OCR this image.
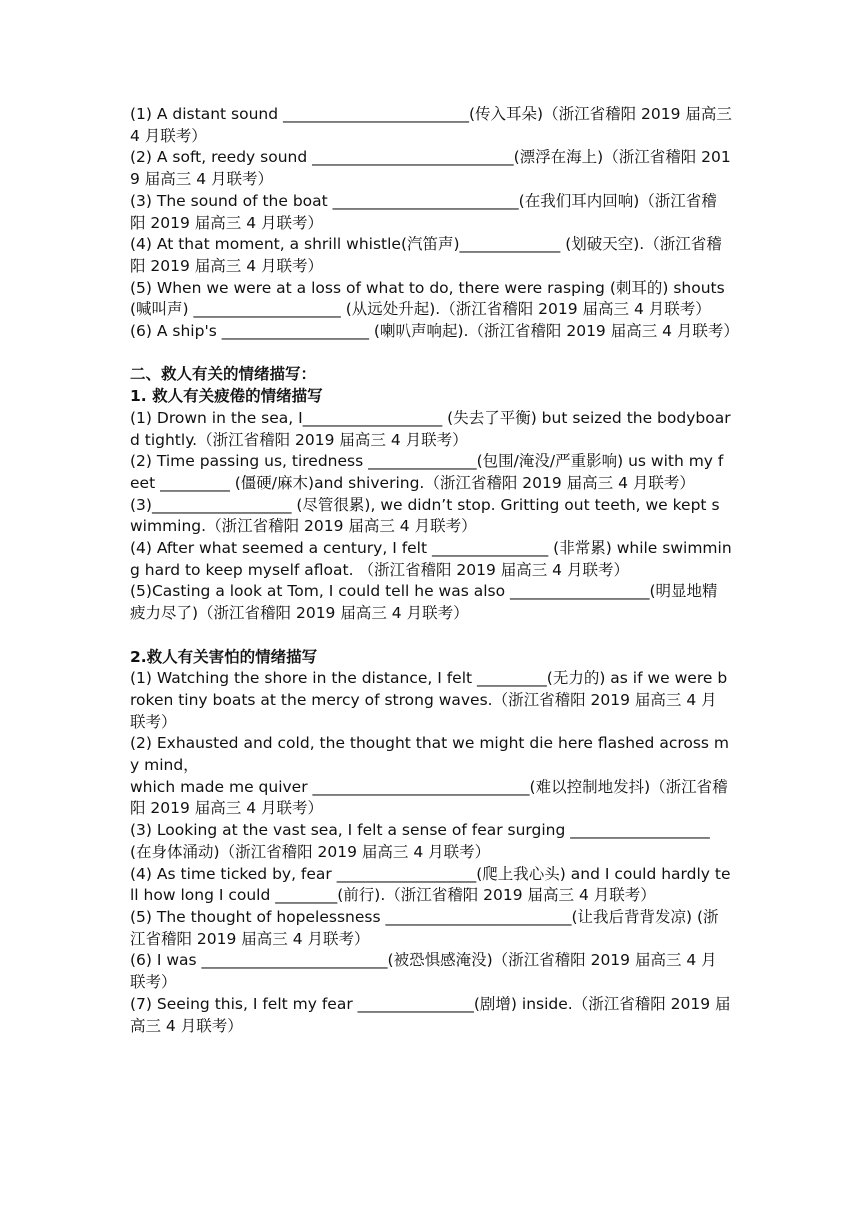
(1) A distant sound ________________________(传入耳朵)（浙江省稽阳 2019 届高三 4 月联考）

(2) A soft, reedy sound __________________________(漂浮在海上)（浙江省稽阳 2019 届高三 4 月联考）

(3) The sound of the boat ________________________(在我们耳内回响)（浙江省稽阳 2019 届高三 4 月联考）

(4) At that moment, a shrill whistle(汽笛声)_____________ (划破天空).（浙江省稽阳 2019 届高三 4 月联考）

(5) When we were at a loss of what to do, there were rasping (刺耳的) shouts(喊叫声) ___________________ (从远处升起).（浙江省稽阳 2019 届高三 4 月联考）

(6) A ship's ___________________ (喇叭声响起).（浙江省稽阳 2019 届高三 4 月联考）

二、救人有关的情绪描写：

1. 救人有关疲倦的情绪描写

(1) Drown in the sea, I__________________ (失去了平衡) but seized the bodyboard tightly.（浙江省稽阳 2019 届高三 4 月联考）

(2) Time passing us, tiredness ______________(包围/淹没/严重影响) us with my feet _________ (僵硬/麻木)and shivering.（浙江省稽阳 2019 届高三 4 月联考）

(3)__________________ (尽管很累), we didn’t stop. Gritting out teeth, we kept swimming.（浙江省稽阳 2019 届高三 4 月联考）

(4) After what seemed a century, I felt _______________ (非常累) while swimming hard to keep myself afloat. （浙江省稽阳 2019 届高三 4 月联考）

(5)Casting a look at Tom, I could tell he was also __________________(明显地精疲力尽了)（浙江省稽阳 2019 届高三 4 月联考）

2.救人有关害怕的情绪描写

(1) Watching the shore in the distance, I felt _________(无力的) as if we were broken tiny boats at the mercy of strong waves.（浙江省稽阳 2019 届高三 4 月联考）

(2) Exhausted and cold, the thought that we might die here flashed across my mind，

which made me quiver ____________________________(难以控制地发抖)（浙江省稽阳 2019 届高三 4 月联考）

(3) Looking at the vast sea, I felt a sense of fear surging __________________ (在身体涌动)（浙江省稽阳 2019 届高三 4 月联考）

(4) As time ticked by, fear __________________(爬上我心头) and I could hardly tell how long I could ________(前行).（浙江省稽阳 2019 届高三 4 月联考）

(5) The thought of hopelessness ________________________(让我后背背发凉) (浙江省稽阳 2019 届高三 4 月联考）

(6) I was ________________________(被恐惧感淹没)（浙江省稽阳 2019 届高三 4 月联考）

(7) Seeing this, I felt my fear _______________(剧增) inside.（浙江省稽阳 2019 届高三 4 月联考）
